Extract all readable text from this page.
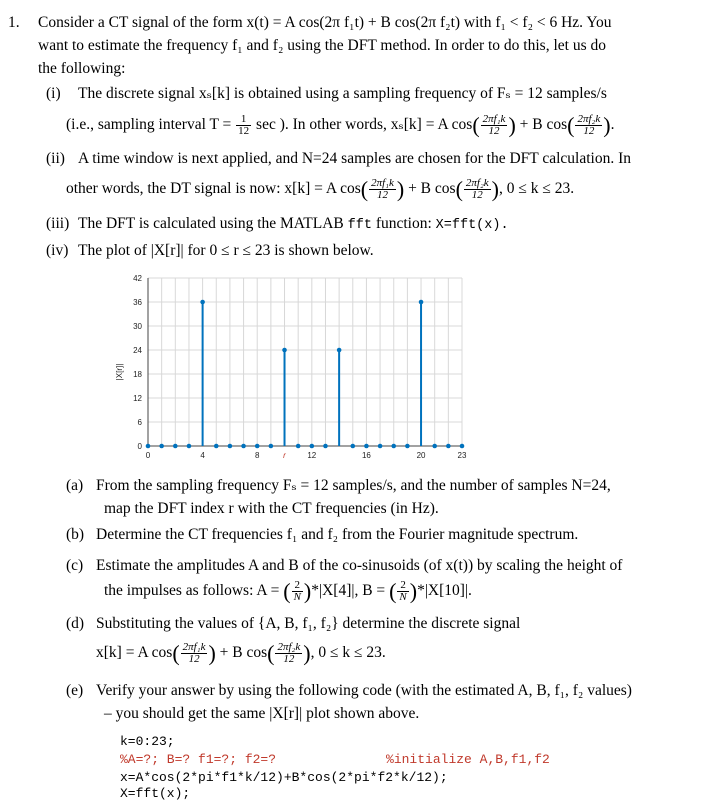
1. Consider a CT signal of the form x(t) = A cos(2π f₁t) + B cos(2π f₂t) with f₁ < f₂ < 6 Hz. You
want to estimate the frequency f₁ and f₂ using the DFT method. In order to do this, let us do
the following:
(i) The discrete signal xₛ[k] is obtained using a sampling frequency of Fₛ = 12 samples/s
(i.e., sampling interval $T = \frac{1}{12}$ sec ). In other words, xₛ[k] = A $\cos( \frac{\text{2πf₁k}}{12}$ ) + B $\cos( \frac{\text{2πf₂k}}{12}$ ).
(ii) A time window is next applied, and N=24 samples are chosen for the DFT calculation. In
other words, the DT signal is now: x[k] = A $\cos( \frac{\text{2πf₁k}}{12}$ ) + B $\cos( \frac{\text{2πf₂k}}{12}$ ), 0 ≤ k ≤ 23.
(iii) The DFT is calculated using the MATLAB fft function: X=fft(x).
(iv) The plot of |X[r]| for 0 ≤ r ≤ 23 is shown below.
0
6
12
18
24
30
36
42
0	4	8	12	16	20	23
r
|X[r]|
(a) From the sampling frequency Fₛ = 12 samples/s, and the number of samples N=24,
map the DFT index r with the CT frequencies (in Hz).
(b) Determine the CT frequencies f₁ and f₂ from the Fourier magnitude spectrum.
(c) Estimate the amplitudes A and B of the co-sinusoids (of x(t)) by scaling the height of
the impulses as follows: A = ( $\frac{2}{N} )*|X[4]|$, B = ( $\frac{2}{N} )*|X[10]|$.
(d) Substituting the values of {A, B, f₁, f₂} determine the discrete signal
x[k] = A $\cos( \frac{\text{2πf₁k}}{12}$ ) + B $\cos( \frac{\text{2πf₂k}}{12}$ ), 0 ≤ k ≤ 23.
(e) Verify your answer by using the following code (with the estimated A, B, f₁, f₂ values)
– you should get the same |X[r]| plot shown above.
k=0:23;
%A=?; B=? f1=?; f2=?	%initialize A,B,f1,f2
x=A*cos(2*pi*f1*k/12)+B*cos(2*pi*f2*k/12);
X=fft(x);
